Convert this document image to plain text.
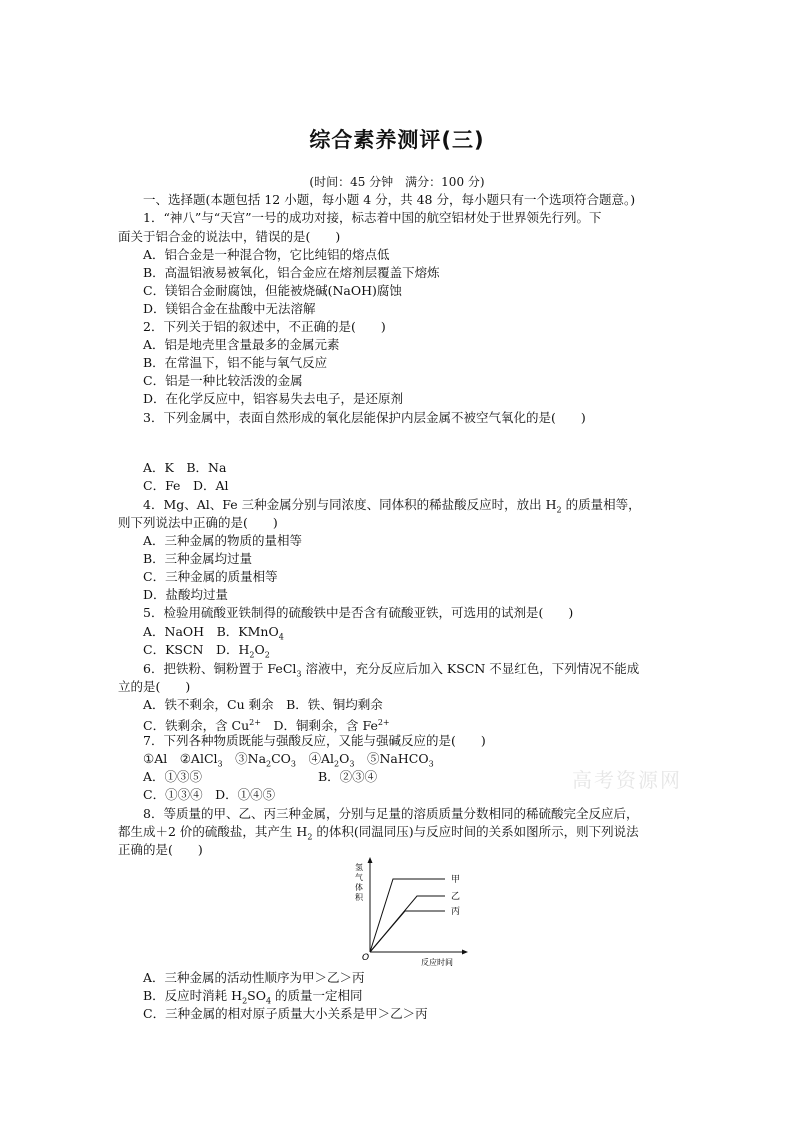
综合素养测评(三)
(时间：45 分钟　满分：100 分)
一、选择题(本题包括 12 小题，每小题 4 分，共 48 分，每小题只有一个选项符合题意。)
1．“神八”与“天宫”一号的成功对接，标志着中国的航空铝材处于世界领先行列。下
面关于铝合金的说法中，错误的是(　　)
A．铝合金是一种混合物，它比纯铝的熔点低
B．高温铝液易被氧化，铝合金应在熔剂层覆盖下熔炼
C．镁铝合金耐腐蚀，但能被烧碱(NaOH)腐蚀
D．镁铝合金在盐酸中无法溶解
2．下列关于铝的叙述中，不正确的是(　　)
A．铝是地壳里含量最多的金属元素
B．在常温下，铝不能与氧气反应
C．铝是一种比较活泼的金属
D．在化学反应中，铝容易失去电子，是还原剂
3．下列金属中，表面自然形成的氧化层能保护内层金属不被空气氧化的是(　　)
A．K　B．Na
C．Fe　D．Al
4．Mg、Al、Fe 三种金属分别与同浓度、同体积的稀盐酸反应时，放出 $H_2$ 的质量相等，
则下列说法中正确的是(　　)
A．三种金属的物质的量相等
B．三种金属均过量
C．三种金属的质量相等
D．盐酸均过量
5．检验用硫酸亚铁制得的硫酸铁中是否含有硫酸亚铁，可选用的试剂是(　　)
A．NaOH　B．KMnO$_4$
C．KSCN　D．$H_2O_2$
6．把铁粉、铜粉置于 FeCl$_3$ 溶液中，充分反应后加入 KSCN 不显红色，下列情况不能成
立的是(　　)
A．铁不剩余，Cu 剩余　B．铁、铜均剩余
C．铁剩余，含 $Cu^{2+}$　D．铜剩余，含 $Fe^{2+}$
7．下列各种物质既能与强酸反应，又能与强碱反应的是(　　)
①Al　②AlCl$_3$　$③Na_2CO_3$　$④Al_2O_3$　⑤NaHCO$_3$
A．①③⑤	B．②③④
C．①③④　D．①④⑤
高考资源网
8．等质量的甲、乙、丙三种金属，分别与足量的溶质质量分数相同的稀硫酸完全反应后，
都生成＋2 价的硫酸盐，其产生 $H_2$ 的体积(同温同压)与反应时间的关系如图所示，则下列说法
正确的是(　　)
氢
气
体
积
甲
乙
丙
O	反应时间
A．三种金属的活动性顺序为甲＞乙＞丙
B．反应时消耗 $H_2SO_4$ 的质量一定相同
C．三种金属的相对原子质量大小关系是甲＞乙＞丙
